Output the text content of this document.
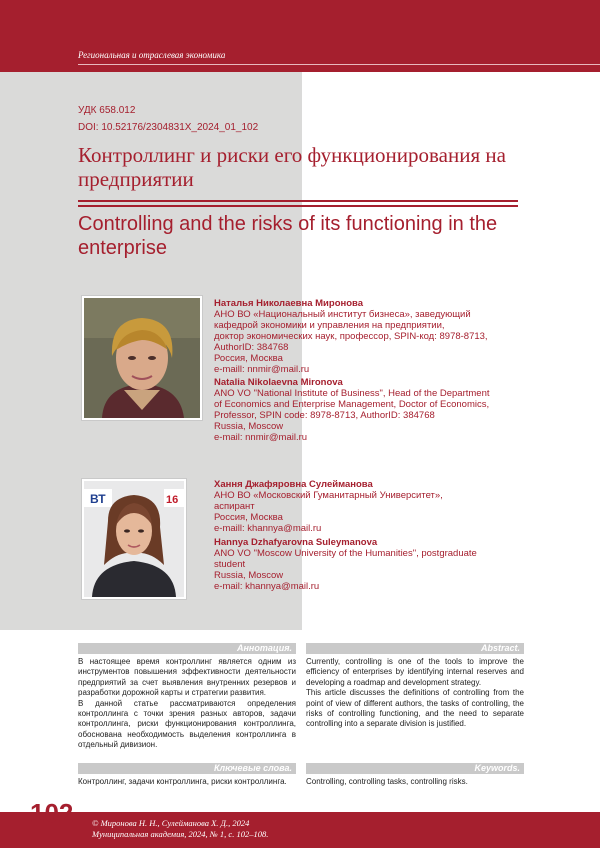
Региональная и отраслевая экономика
УДК 658.012
DOI: 10.52176/2304831X_2024_01_102
Контроллинг и риски его функционирования на предприятии
Controlling and the risks of its functioning in the enterprise
Наталья Николаевна Миронова
АНО ВО «Национальный институт бизнеса», заведующий
кафедрой экономики и управления на предприятии,
доктор экономических наук, профессор, SPIN-код: 8978-8713,
AuthorID: 384768
Россия, Москва
e-maill: nnmir@mail.ru
Natalia Nikolaevna Mironova
ANO VO "National Institute of Business", Head of the Department
of Economics and Enterprise Management, Doctor of Economics,
Professor, SPIN code: 8978-8713, AuthorID: 384768
Russia, Moscow
e-mail: nnmir@mail.ru
ВТ	16
Хання Джафяровна Сулейманова
АНО ВО «Московский Гуманитарный Университет»,
аспирант
Россия, Москва
e-maill: khannya@mail.ru
Hannya Dzhafyarovna Suleymanova
ANO VO "Moscow University of the Humanities", postgraduate
student
Russia, Moscow
e-mail: khannya@mail.ru
Аннотация.	Abstract.

В настоящее время контроллинг является одним из инструментов повышения эффективности деятельности предприятий за счет выявления внутренних резервов и разработки дорожной карты и стратегии развития.

В данной статье рассматриваются определения контроллинга с точки зрения разных авторов, задачи контроллинга, риски функционирования контроллинга, обоснована необходимость выделения контроллинга в отдельный дивизион.

Currently, controlling is one of the tools to improve the efficiency of enterprises by identifying internal reserves and developing a roadmap and development strategy.

This article discusses the definitions of controlling from the point of view of different authors, the tasks of controlling, the risks of controlling functioning, and the need to separate controlling into a separate division is justified.

Ключевые слова.	Keywords.
Контроллинг, задачи контроллинга, риски контроллинга.	Controlling, controlling tasks, controlling risks.
102 © Миронова Н. Н., Сулейманова Х. Д., 2024
Муниципальная академия, 2024, № 1, с. 102–108.
